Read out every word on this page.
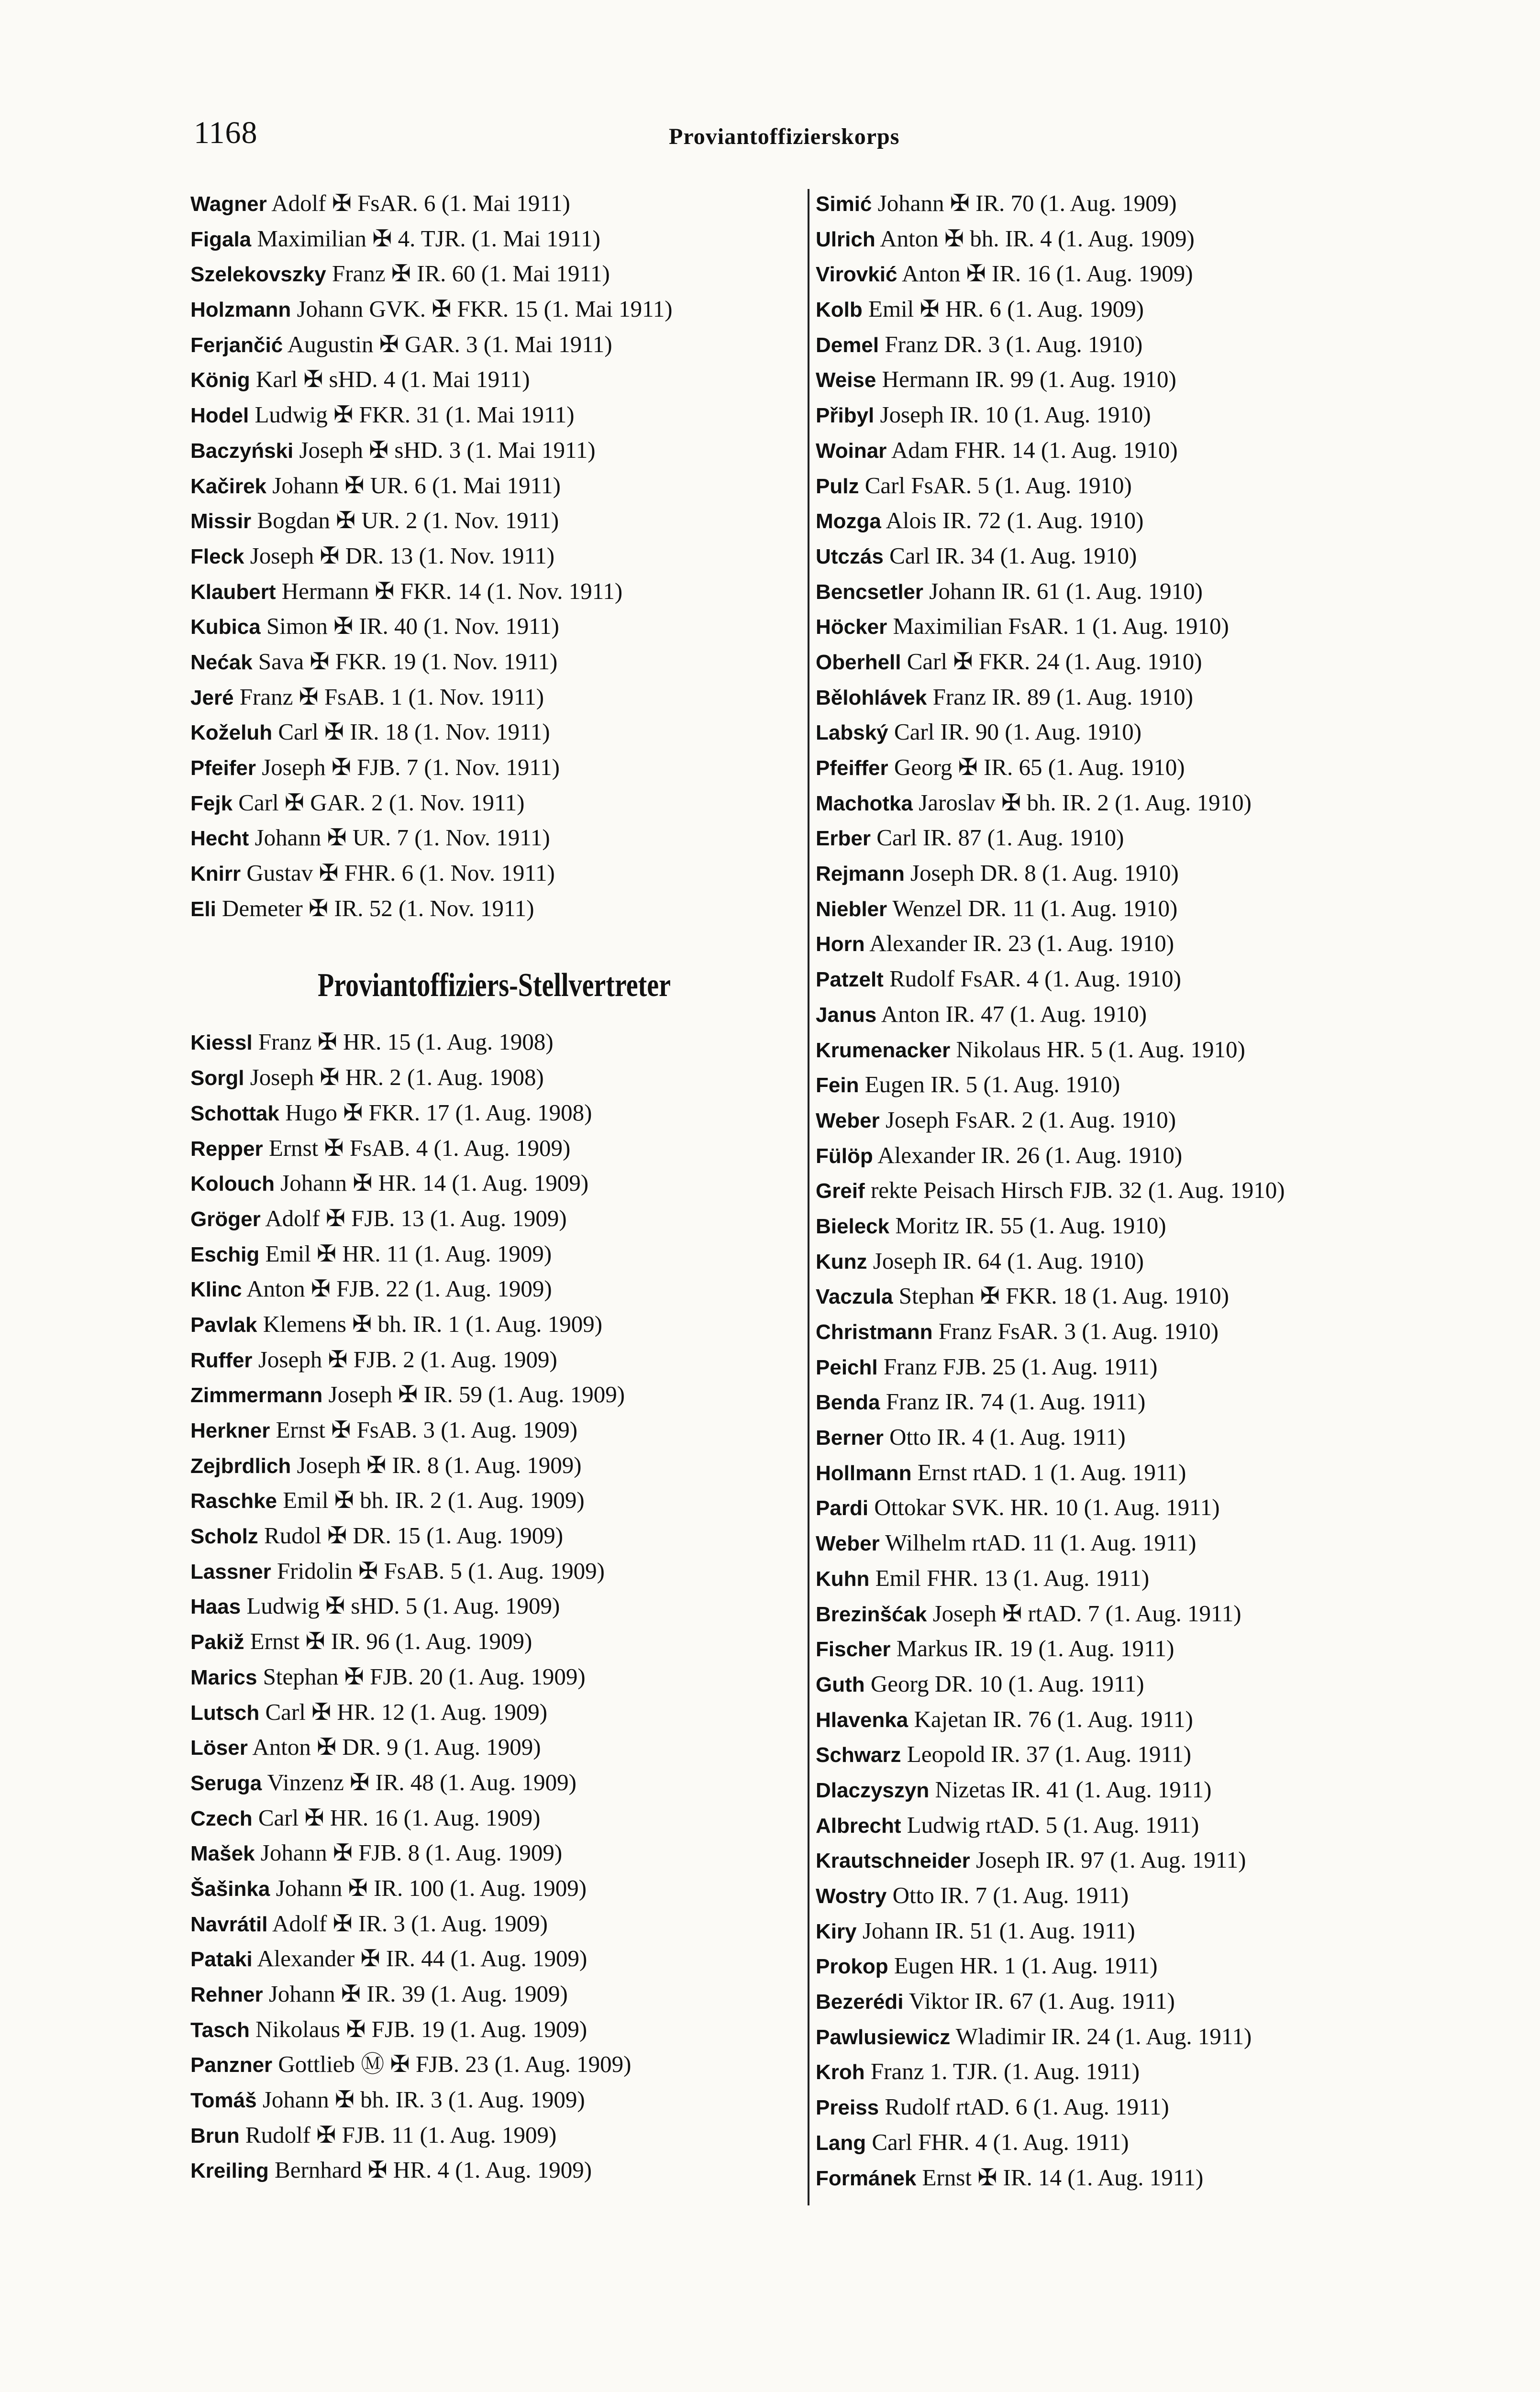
1168	Proviantoffizierskorps
Wagner Adolf ✠ FsAR. 6 (1. Mai 1911)
Figala Maximilian ✠ 4. TJR. (1. Mai 1911)
Szelekovszky Franz ✠ IR. 60 (1. Mai 1911)
Holzmann Johann GVK. ✠ FKR. 15 (1. Mai 1911)
Ferjančić Augustin ✠ GAR. 3 (1. Mai 1911)
König Karl ✠ sHD. 4 (1. Mai 1911)
Hodel Ludwig ✠ FKR. 31 (1. Mai 1911)
Baczyński Joseph ✠ sHD. 3 (1. Mai 1911)
Kačirek Johann ✠ UR. 6 (1. Mai 1911)
Missir Bogdan ✠ UR. 2 (1. Nov. 1911)
Fleck Joseph ✠ DR. 13 (1. Nov. 1911)
Klaubert Hermann ✠ FKR. 14 (1. Nov. 1911)
Kubica Simon ✠ IR. 40 (1. Nov. 1911)
Nećak Sava ✠ FKR. 19 (1. Nov. 1911)
Jeré Franz ✠ FsAB. 1 (1. Nov. 1911)
Koželuh Carl ✠ IR. 18 (1. Nov. 1911)
Pfeifer Joseph ✠ FJB. 7 (1. Nov. 1911)
Fejk Carl ✠ GAR. 2 (1. Nov. 1911)
Hecht Johann ✠ UR. 7 (1. Nov. 1911)
Knirr Gustav ✠ FHR. 6 (1. Nov. 1911)
Eli Demeter ✠ IR. 52 (1. Nov. 1911)
Proviantoffiziers-Stellvertreter
Kiessl Franz ✠ HR. 15 (1. Aug. 1908)
Sorgl Joseph ✠ HR. 2 (1. Aug. 1908)
Schottak Hugo ✠ FKR. 17 (1. Aug. 1908)
Repper Ernst ✠ FsAB. 4 (1. Aug. 1909)
Kolouch Johann ✠ HR. 14 (1. Aug. 1909)
Gröger Adolf ✠ FJB. 13 (1. Aug. 1909)
Eschig Emil ✠ HR. 11 (1. Aug. 1909)
Klinc Anton ✠ FJB. 22 (1. Aug. 1909)
Pavlak Klemens ✠ bh. IR. 1 (1. Aug. 1909)
Ruffer Joseph ✠ FJB. 2 (1. Aug. 1909)
Zimmermann Joseph ✠ IR. 59 (1. Aug. 1909)
Herkner Ernst ✠ FsAB. 3 (1. Aug. 1909)
Zejbrdlich Joseph ✠ IR. 8 (1. Aug. 1909)
Raschke Emil ✠ bh. IR. 2 (1. Aug. 1909)
Scholz Rudol ✠ DR. 15 (1. Aug. 1909)
Lassner Fridolin ✠ FsAB. 5 (1. Aug. 1909)
Haas Ludwig ✠ sHD. 5 (1. Aug. 1909)
Pakiž Ernst ✠ IR. 96 (1. Aug. 1909)
Marics Stephan ✠ FJB. 20 (1. Aug. 1909)
Lutsch Carl ✠ HR. 12 (1. Aug. 1909)
Löser Anton ✠ DR. 9 (1. Aug. 1909)
Seruga Vinzenz ✠ IR. 48 (1. Aug. 1909)
Czech Carl ✠ HR. 16 (1. Aug. 1909)
Mašek Johann ✠ FJB. 8 (1. Aug. 1909)
Šašinka Johann ✠ IR. 100 (1. Aug. 1909)
Navrátil Adolf ✠ IR. 3 (1. Aug. 1909)
Pataki Alexander ✠ IR. 44 (1. Aug. 1909)
Rehner Johann ✠ IR. 39 (1. Aug. 1909)
Tasch Nikolaus ✠ FJB. 19 (1. Aug. 1909)
Panzner Gottlieb Ⓜ ✠ FJB. 23 (1. Aug. 1909)
Tomáš Johann ✠ bh. IR. 3 (1. Aug. 1909)
Brun Rudolf ✠ FJB. 11 (1. Aug. 1909)
Kreiling Bernhard ✠ HR. 4 (1. Aug. 1909)
Simić Johann ✠ IR. 70 (1. Aug. 1909)
Ulrich Anton ✠ bh. IR. 4 (1. Aug. 1909)
Virovkić Anton ✠ IR. 16 (1. Aug. 1909)
Kolb Emil ✠ HR. 6 (1. Aug. 1909)
Demel Franz DR. 3 (1. Aug. 1910)
Weise Hermann IR. 99 (1. Aug. 1910)
Přibyl Joseph IR. 10 (1. Aug. 1910)
Woinar Adam FHR. 14 (1. Aug. 1910)
Pulz Carl FsAR. 5 (1. Aug. 1910)
Mozga Alois IR. 72 (1. Aug. 1910)
Utczás Carl IR. 34 (1. Aug. 1910)
Bencsetler Johann IR. 61 (1. Aug. 1910)
Höcker Maximilian FsAR. 1 (1. Aug. 1910)
Oberhell Carl ✠ FKR. 24 (1. Aug. 1910)
Bělohlávek Franz IR. 89 (1. Aug. 1910)
Labský Carl IR. 90 (1. Aug. 1910)
Pfeiffer Georg ✠ IR. 65 (1. Aug. 1910)
Machotka Jaroslav ✠ bh. IR. 2 (1. Aug. 1910)
Erber Carl IR. 87 (1. Aug. 1910)
Rejmann Joseph DR. 8 (1. Aug. 1910)
Niebler Wenzel DR. 11 (1. Aug. 1910)
Horn Alexander IR. 23 (1. Aug. 1910)
Patzelt Rudolf FsAR. 4 (1. Aug. 1910)
Janus Anton IR. 47 (1. Aug. 1910)
Krumenacker Nikolaus HR. 5 (1. Aug. 1910)
Fein Eugen IR. 5 (1. Aug. 1910)
Weber Joseph FsAR. 2 (1. Aug. 1910)
Fülöp Alexander IR. 26 (1. Aug. 1910)
Greif rekte Peisach Hirsch FJB. 32 (1. Aug. 1910)
Bieleck Moritz IR. 55 (1. Aug. 1910)
Kunz Joseph IR. 64 (1. Aug. 1910)
Vaczula Stephan ✠ FKR. 18 (1. Aug. 1910)
Christmann Franz FsAR. 3 (1. Aug. 1910)
Peichl Franz FJB. 25 (1. Aug. 1911)
Benda Franz IR. 74 (1. Aug. 1911)
Berner Otto IR. 4 (1. Aug. 1911)
Hollmann Ernst rtAD. 1 (1. Aug. 1911)
Pardi Ottokar SVK. HR. 10 (1. Aug. 1911)
Weber Wilhelm rtAD. 11 (1. Aug. 1911)
Kuhn Emil FHR. 13 (1. Aug. 1911)
Brezinšćak Joseph ✠ rtAD. 7 (1. Aug. 1911)
Fischer Markus IR. 19 (1. Aug. 1911)
Guth Georg DR. 10 (1. Aug. 1911)
Hlavenka Kajetan IR. 76 (1. Aug. 1911)
Schwarz Leopold IR. 37 (1. Aug. 1911)
Dlaczyszyn Nizetas IR. 41 (1. Aug. 1911)
Albrecht Ludwig rtAD. 5 (1. Aug. 1911)
Krautschneider Joseph IR. 97 (1. Aug. 1911)
Wostry Otto IR. 7 (1. Aug. 1911)
Kiry Johann IR. 51 (1. Aug. 1911)
Prokop Eugen HR. 1 (1. Aug. 1911)
Bezerédi Viktor IR. 67 (1. Aug. 1911)
Pawlusiewicz Wladimir IR. 24 (1. Aug. 1911)
Kroh Franz 1. TJR. (1. Aug. 1911)
Preiss Rudolf rtAD. 6 (1. Aug. 1911)
Lang Carl FHR. 4 (1. Aug. 1911)
Formánek Ernst ✠ IR. 14 (1. Aug. 1911)
